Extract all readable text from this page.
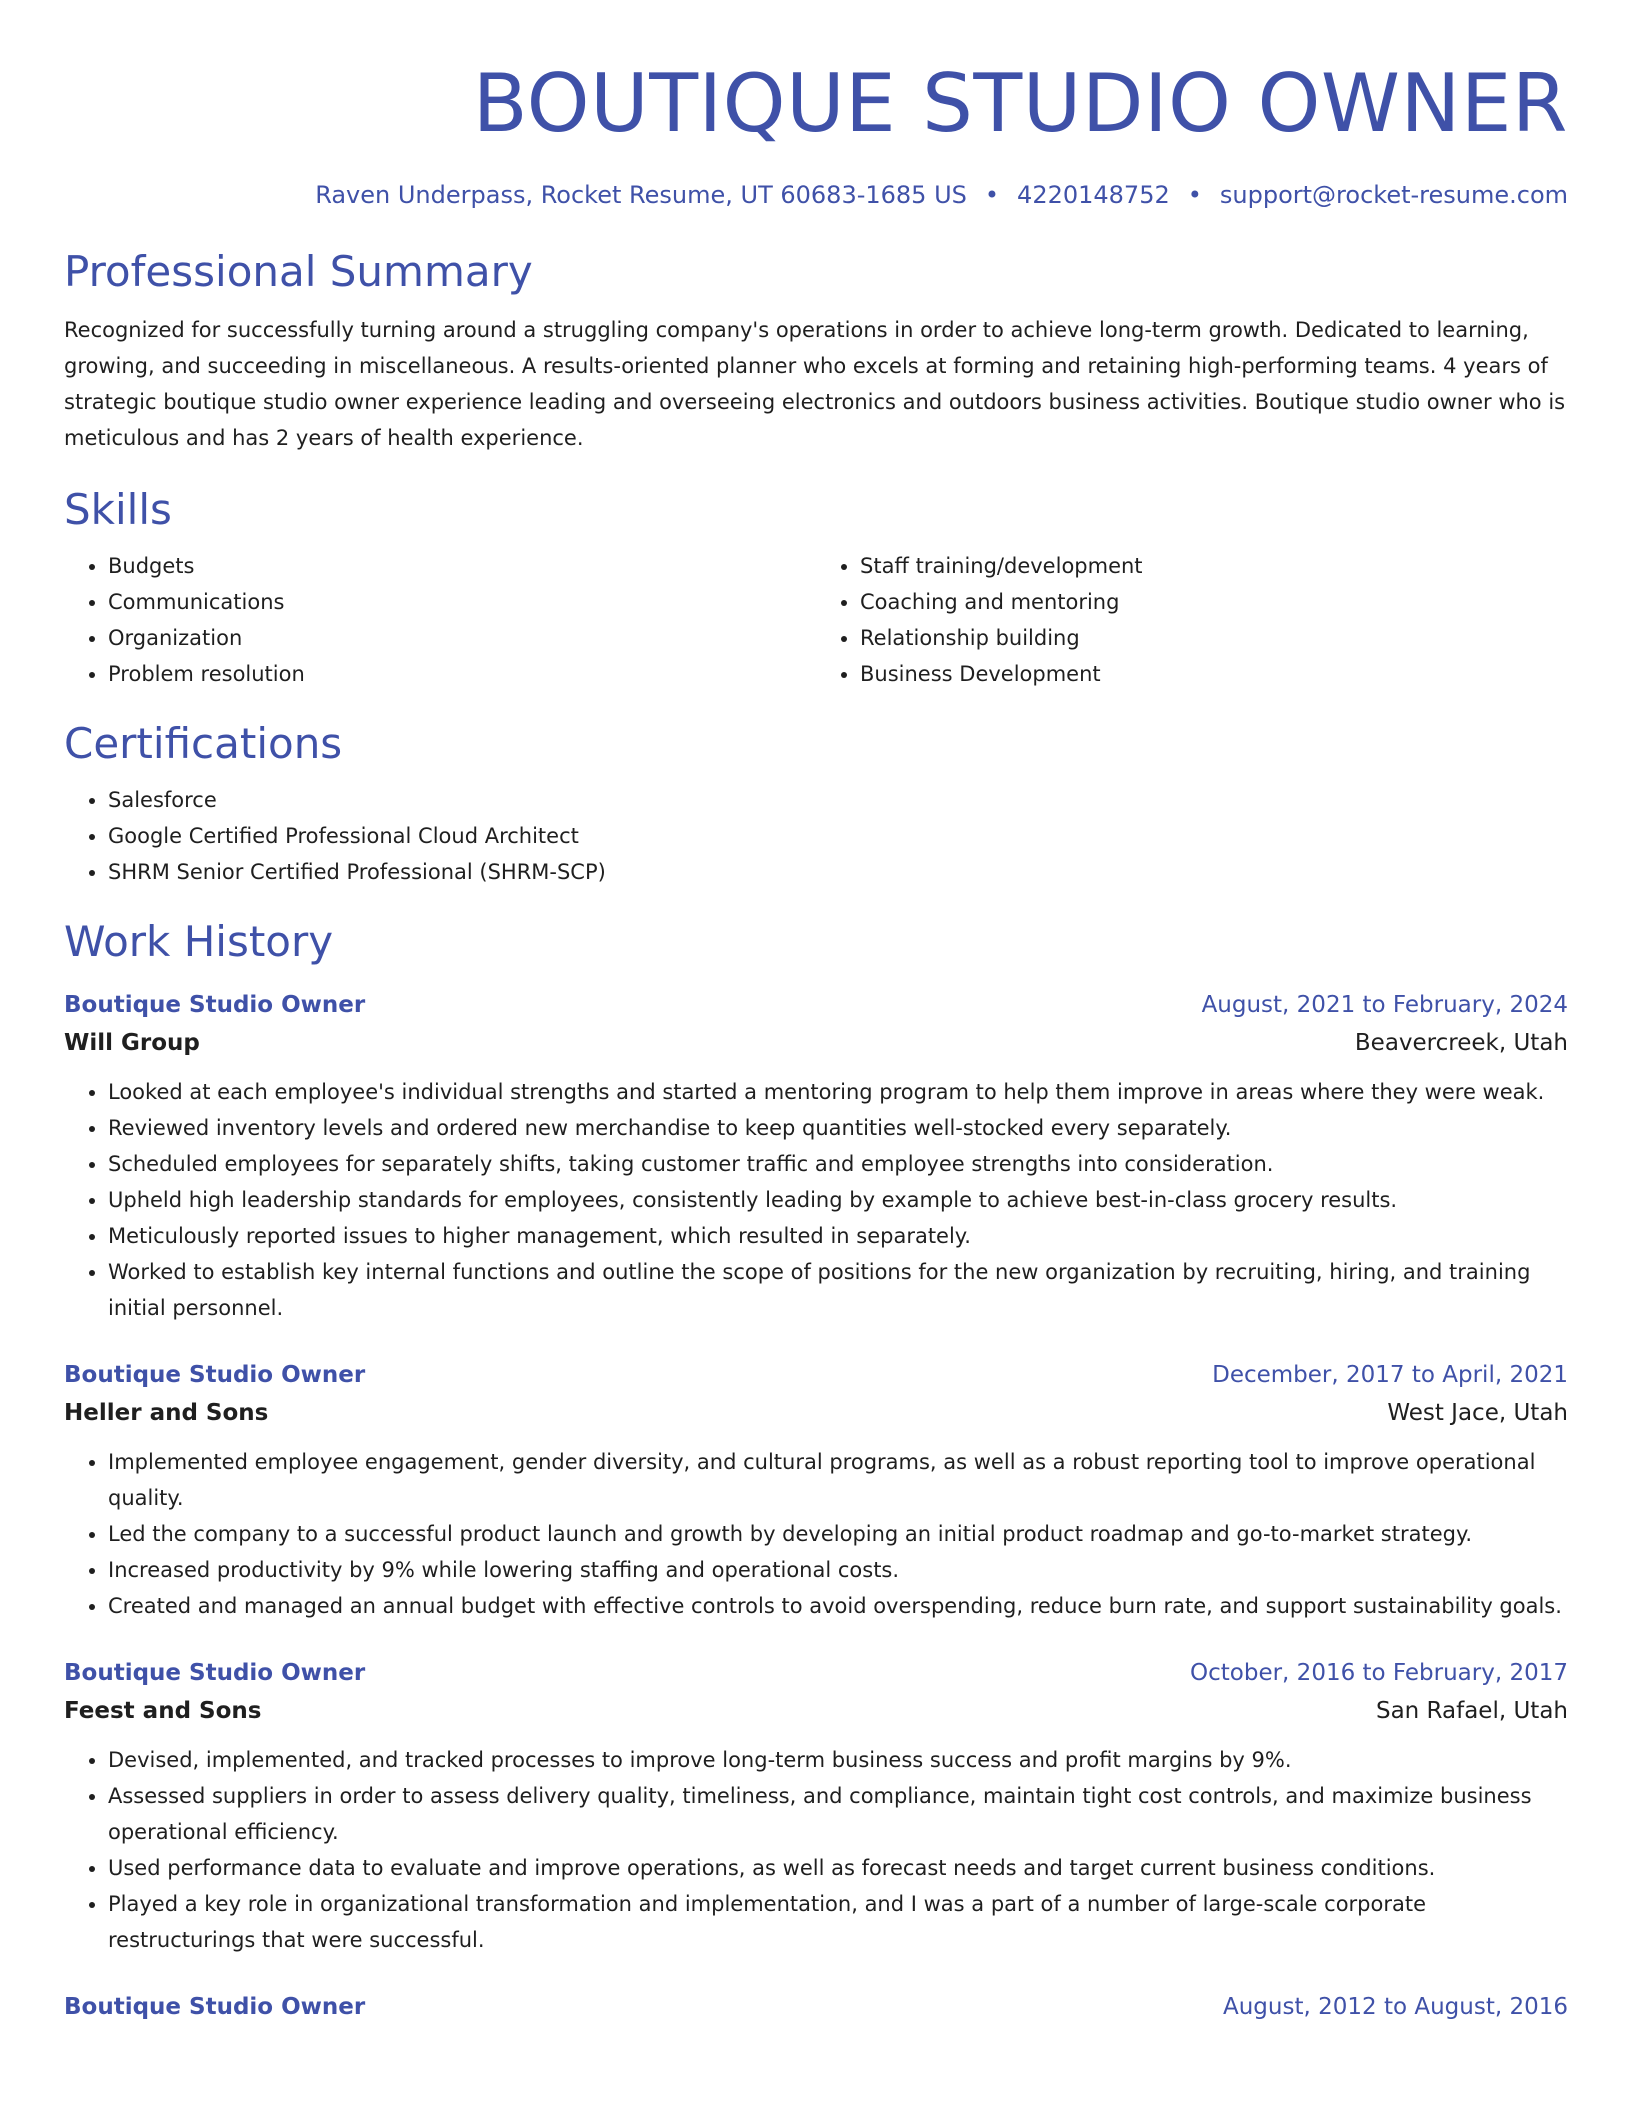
BOUTIQUE STUDIO OWNER
Raven Underpass, Rocket Resume, UT 60683-1685 US • 4220148752 • support@rocket-resume.com
Professional Summary
Recognized for successfully turning around a struggling company's operations in order to achieve long-term growth. Dedicated to learning, growing, and succeeding in miscellaneous. A results-oriented planner who excels at forming and retaining high-performing teams. 4 years of strategic boutique studio owner experience leading and overseeing electronics and outdoors business activities. Boutique studio owner who is meticulous and has 2 years of health experience.
Skills
• Budgets
• Communications
• Organization
• Problem resolution
• Staff training/development
• Coaching and mentoring
• Relationship building
• Business Development
Certifications
• Salesforce
• Google Certified Professional Cloud Architect
• SHRM Senior Certified Professional (SHRM-SCP)
Work History
Boutique Studio Owner	August, 2021 to February, 2024
Will Group	Beavercreek, Utah
• Looked at each employee's individual strengths and started a mentoring program to help them improve in areas where they were weak.
• Reviewed inventory levels and ordered new merchandise to keep quantities well-stocked every separately.
• Scheduled employees for separately shifts, taking customer traffic and employee strengths into consideration.
• Upheld high leadership standards for employees, consistently leading by example to achieve best-in-class grocery results.
• Meticulously reported issues to higher management, which resulted in separately.
• Worked to establish key internal functions and outline the scope of positions for the new organization by recruiting, hiring, and training initial personnel.
Boutique Studio Owner	December, 2017 to April, 2021
Heller and Sons	West Jace, Utah
• Implemented employee engagement, gender diversity, and cultural programs, as well as a robust reporting tool to improve operational quality.
• Led the company to a successful product launch and growth by developing an initial product roadmap and go-to-market strategy.
• Increased productivity by 9% while lowering staffing and operational costs.
• Created and managed an annual budget with effective controls to avoid overspending, reduce burn rate, and support sustainability goals.
Boutique Studio Owner	October, 2016 to February, 2017
Feest and Sons	San Rafael, Utah
• Devised, implemented, and tracked processes to improve long-term business success and profit margins by 9%.
• Assessed suppliers in order to assess delivery quality, timeliness, and compliance, maintain tight cost controls, and maximize business operational efficiency.
• Used performance data to evaluate and improve operations, as well as forecast needs and target current business conditions.
• Played a key role in organizational transformation and implementation, and I was a part of a number of large-scale corporate restructurings that were successful.
Boutique Studio Owner	August, 2012 to August, 2016
